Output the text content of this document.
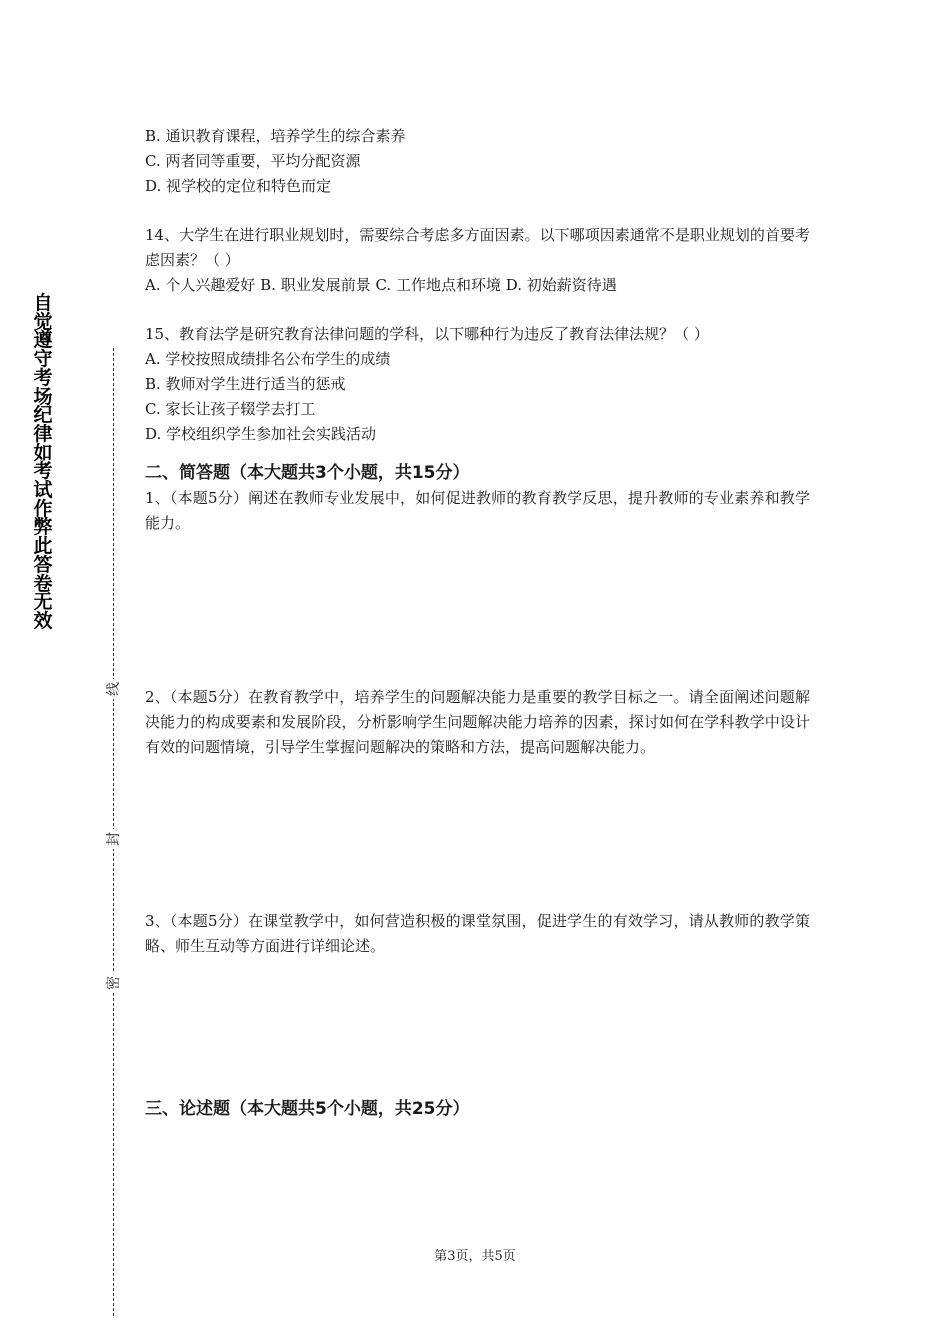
自觉遵守考场纪律如考试作弊此答卷无效
线
封
密
B. 通识教育课程，培养学生的综合素养
C. 两者同等重要，平均分配资源
D. 视学校的定位和特色而定
14、大学生在进行职业规划时，需要综合考虑多方面因素。以下哪项因素通常不是职业规划的首要考虑因素？（ ）
A. 个人兴趣爱好 B. 职业发展前景 C. 工作地点和环境 D. 初始薪资待遇
15、教育法学是研究教育法律问题的学科，以下哪种行为违反了教育法律法规？（ ）
A. 学校按照成绩排名公布学生的成绩
B. 教师对学生进行适当的惩戒
C. 家长让孩子辍学去打工
D. 学校组织学生参加社会实践活动
二、简答题（本大题共3个小题，共15分）
1、（本题5分）阐述在教师专业发展中，如何促进教师的教育教学反思，提升教师的专业素养和教学能力。
2、（本题5分）在教育教学中，培养学生的问题解决能力是重要的教学目标之一。请全面阐述问题解决能力的构成要素和发展阶段，分析影响学生问题解决能力培养的因素，探讨如何在学科教学中设计有效的问题情境，引导学生掌握问题解决的策略和方法，提高问题解决能力。
3、（本题5分）在课堂教学中，如何营造积极的课堂氛围，促进学生的有效学习，请从教师的教学策略、师生互动等方面进行详细论述。
三、论述题（本大题共5个小题，共25分）
第3页，共5页
